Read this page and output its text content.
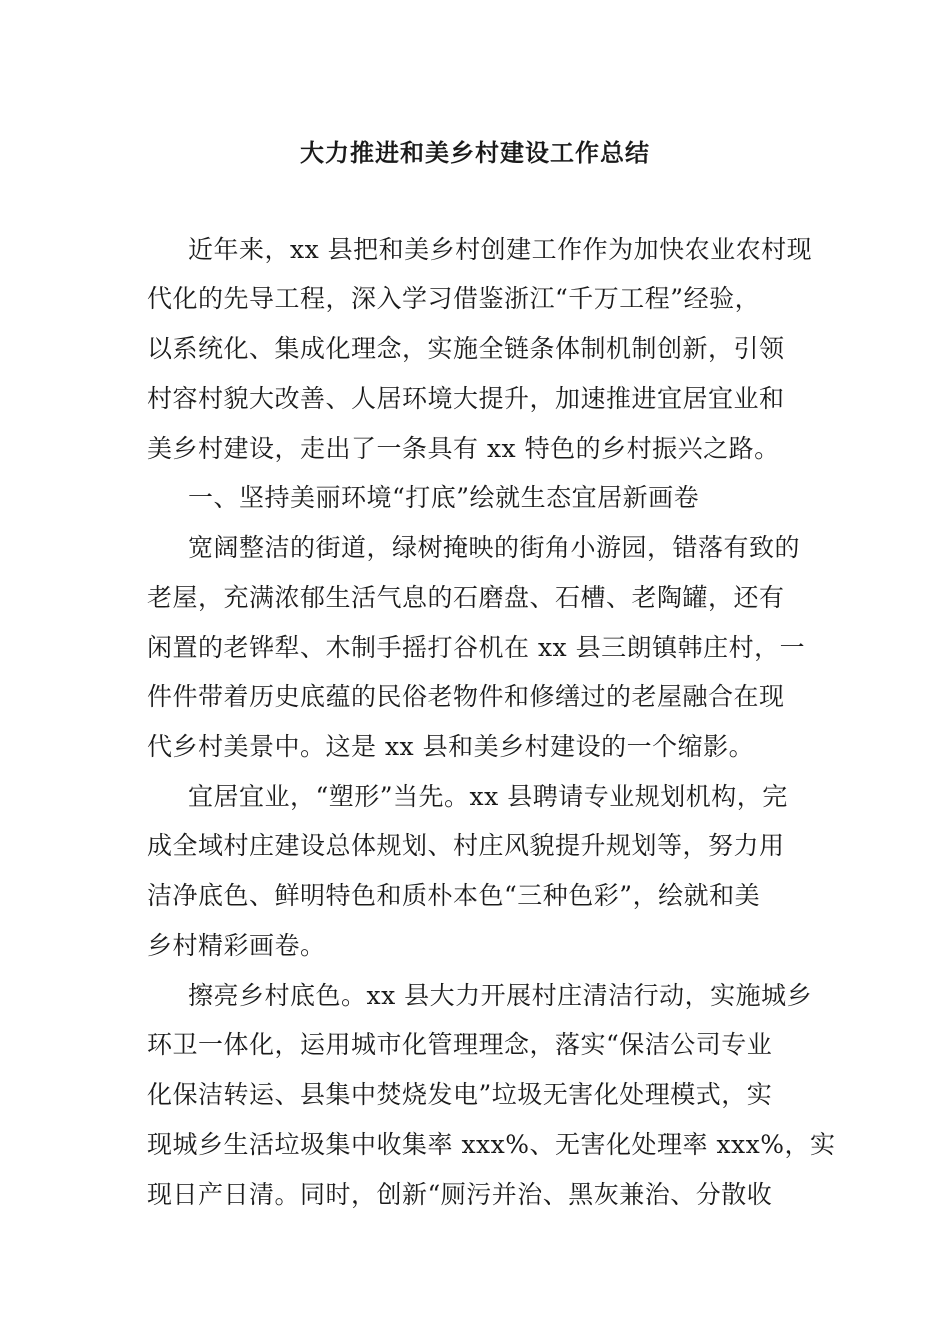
大力推进和美乡村建设工作总结
近年来，xx 县把和美乡村创建工作作为加快农业农村现
代化的先导工程，深入学习借鉴浙江“千万工程”经验，
以系统化、集成化理念，实施全链条体制机制创新，引领
村容村貌大改善、人居环境大提升，加速推进宜居宜业和
美乡村建设，走出了一条具有 xx 特色的乡村振兴之路。
一、坚持美丽环境“打底”绘就生态宜居新画卷
宽阔整洁的街道，绿树掩映的街角小游园，错落有致的
老屋，充满浓郁生活气息的石磨盘、石槽、老陶罐，还有
闲置的老铧犁、木制手摇打谷机在 xx 县三朗镇韩庄村，一
件件带着历史底蕴的民俗老物件和修缮过的老屋融合在现
代乡村美景中。这是 xx 县和美乡村建设的一个缩影。
宜居宜业，“塑形”当先。xx 县聘请专业规划机构，完
成全域村庄建设总体规划、村庄风貌提升规划等，努力用
洁净底色、鲜明特色和质朴本色“三种色彩”，绘就和美
乡村精彩画卷。
擦亮乡村底色。xx 县大力开展村庄清洁行动，实施城乡
环卫一体化，运用城市化管理理念，落实“保洁公司专业
化保洁转运、县集中焚烧发电”垃圾无害化处理模式，实
现城乡生活垃圾集中收集率 xxx%、无害化处理率 xxx%，实
现日产日清。同时，创新“厕污并治、黑灰兼治、分散收
